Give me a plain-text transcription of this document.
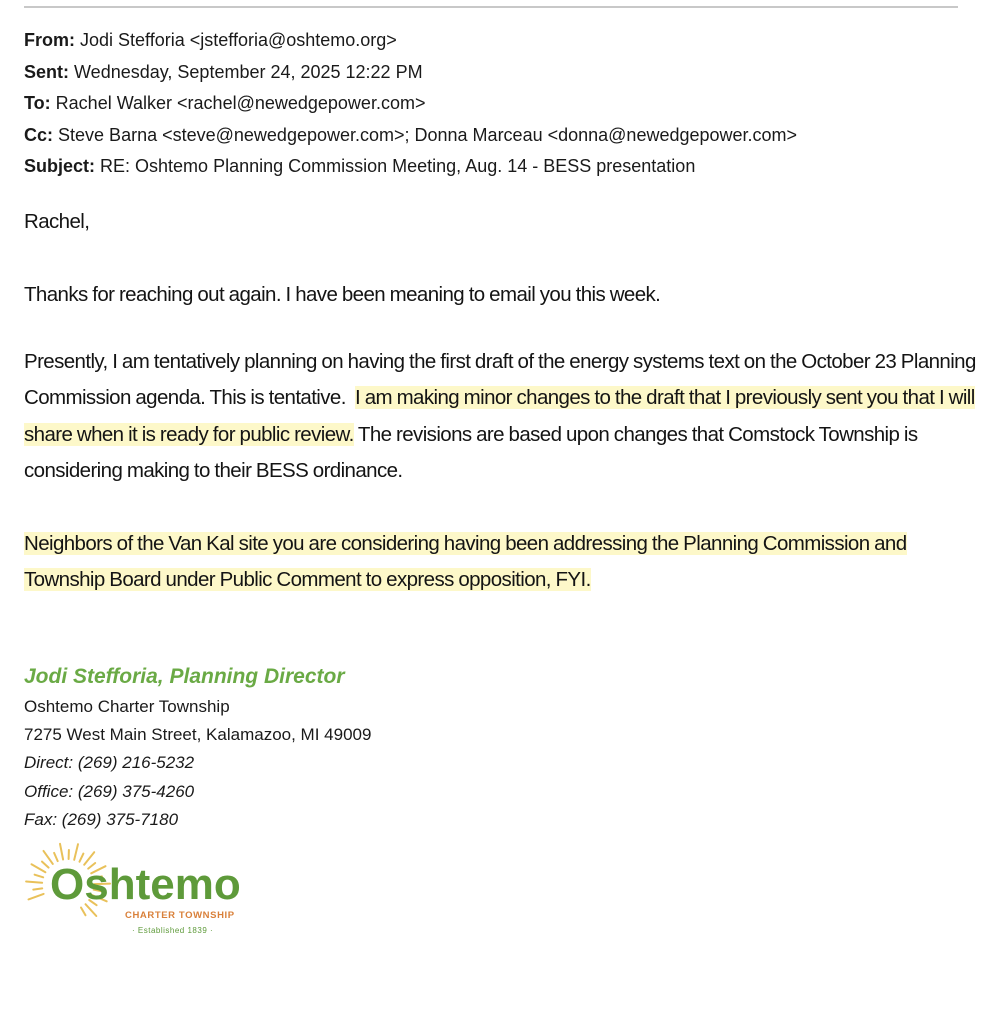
From: Jodi Stefforia <jstefforia@oshtemo.org>
Sent: Wednesday, September 24, 2025 12:22 PM
To: Rachel Walker <rachel@newedgepower.com>
Cc: Steve Barna <steve@newedgepower.com>; Donna Marceau <donna@newedgepower.com>
Subject: RE: Oshtemo Planning Commission Meeting, Aug. 14 - BESS presentation
Rachel,
Thanks for reaching out again. I have been meaning to email you this week.
Presently, I am tentatively planning on having the first draft of the energy systems text on the October 23 Planning Commission agenda. This is tentative.  I am making minor changes to the draft that I previously sent you that I will share when it is ready for public review. The revisions are based upon changes that Comstock Township is considering making to their BESS ordinance.
Neighbors of the Van Kal site you are considering having been addressing the Planning Commission and Township Board under Public Comment to express opposition, FYI.
Jodi Stefforia, Planning Director
Oshtemo Charter Township
7275 West Main Street, Kalamazoo, MI 49009
Direct: (269) 216-5232
Office: (269) 375-4260
Fax: (269) 375-7180
Oshtemo
CHARTER TOWNSHIP
· Established 1839 ·
